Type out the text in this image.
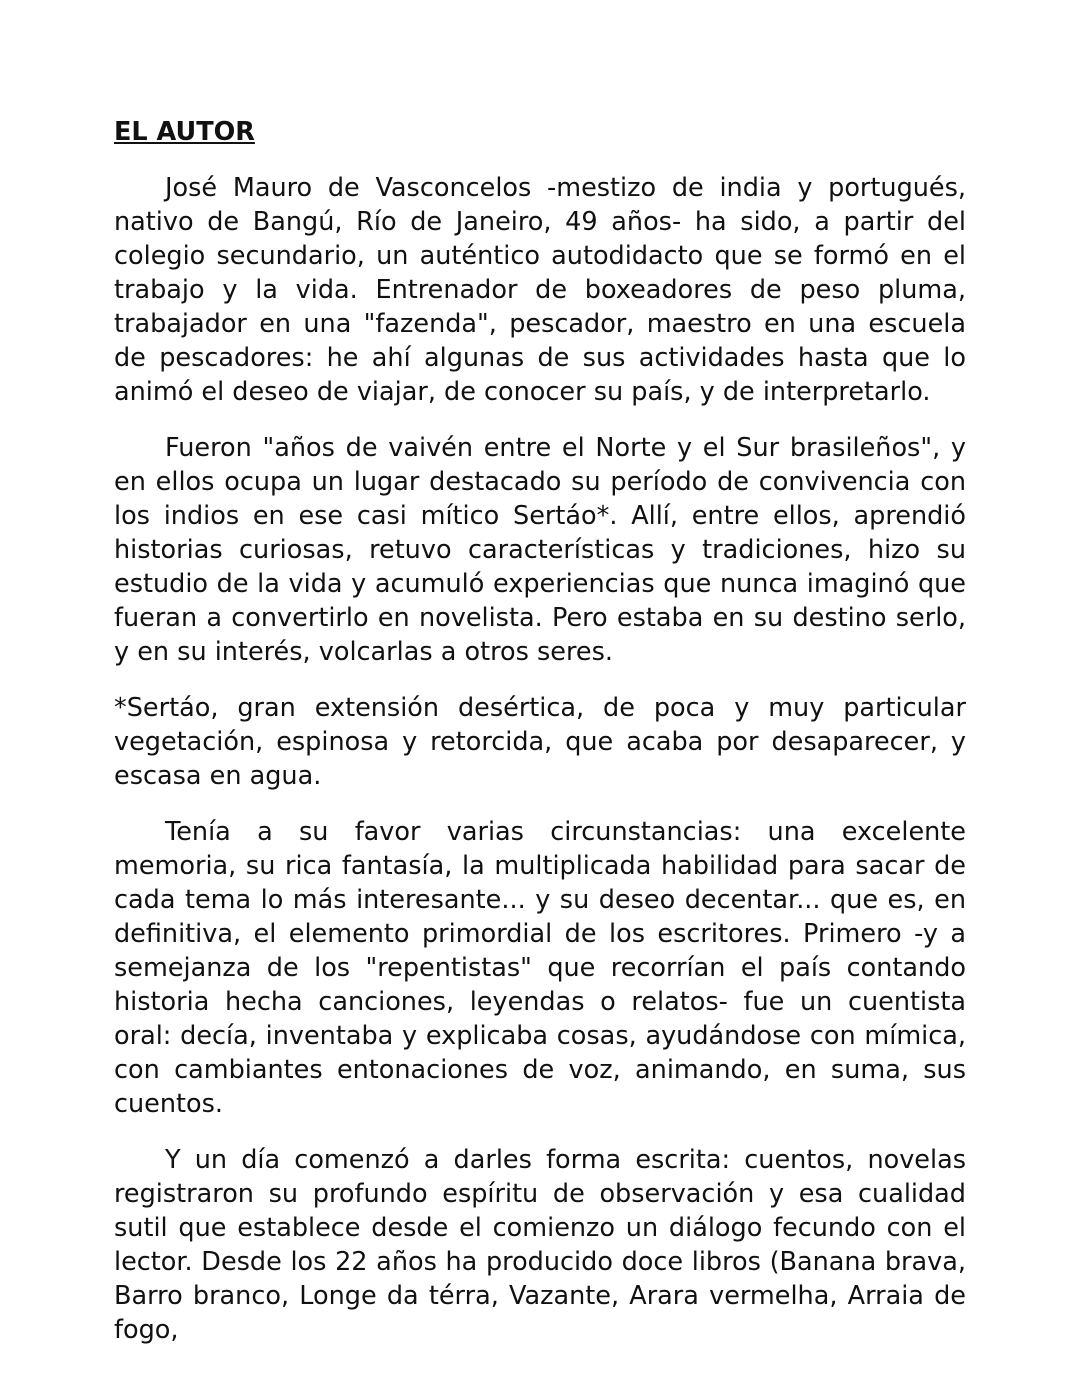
EL AUTOR

José Mauro de Vasconcelos -mestizo de india y portugués, nativo de Bangú, Río de Janeiro, 49 años- ha sido, a partir del colegio secundario, un auténtico autodidacto que se formó en el trabajo y la vida. Entrenador de boxeadores de peso pluma, trabajador en una "fazenda", pescador, maestro en una escuela de pescadores: he ahí algunas de sus actividades hasta que lo animó el deseo de viajar, de conocer su país, y de interpretarlo.

Fueron "años de vaivén entre el Norte y el Sur brasileños", y en ellos ocupa un lugar destacado su período de convivencia con los indios en ese casi mítico Sertáo*. Allí, entre ellos, aprendió historias curiosas, retuvo características y tradiciones, hizo su estudio de la vida y acumuló experiencias que nunca imaginó que fueran a convertirlo en novelista. Pero estaba en su destino serlo, y en su interés, volcarlas a otros seres.

*Sertáo, gran extensión desértica, de poca y muy particular vegetación, espinosa y retorcida, que acaba por desaparecer, y escasa en agua.

Tenía a su favor varias circunstancias: una excelente memoria, su rica fantasía, la multiplicada habilidad para sacar de cada tema lo más interesante... y su deseo decentar... que es, en definitiva, el elemento primordial de los escritores. Primero -y a semejanza de los "repentistas" que recorrían el país contando historia hecha canciones, leyendas o relatos- fue un cuentista oral: decía, inventaba y explicaba cosas, ayudándose con mímica, con cambiantes entonaciones de voz, animando, en suma, sus cuentos.

Y un día comenzó a darles forma escrita: cuentos, novelas registraron su profundo espíritu de observación y esa cualidad sutil que establece desde el comienzo un diálogo fecundo con el lector. Desde los 22 años ha producido doce libros (Banana brava, Barro branco, Longe da térra, Vazante, Arara vermelha, Arraia de fogo,
